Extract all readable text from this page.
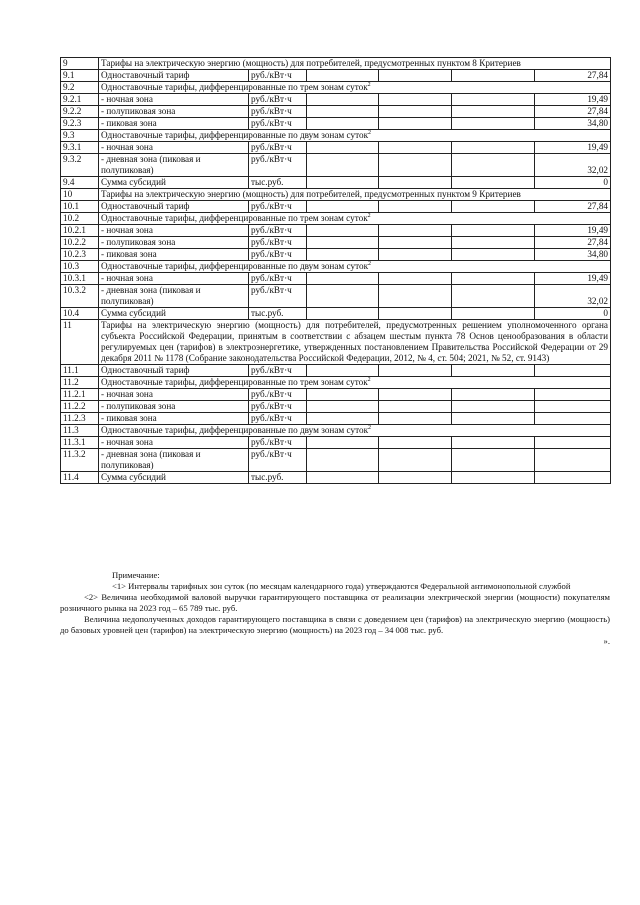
9	Тарифы на электрическую энергию (мощность) для потребителей, предусмотренных пунктом 8 Критериев					
9.1	Одноставочный тариф	руб./кВт·ч				27,84
9.2	Одноставочные тарифы, дифференцированные по трем зонам суток$^2$
9.2.1	- ночная зона	руб./кВт·ч				19,49
9.2.2	- полупиковая зона	руб./кВт·ч				27,84
9.2.3	- пиковая зона	руб./кВт·ч				34,80
9.3	Одноставочные тарифы, дифференцированные по двум зонам суток$^2$
9.3.1	- ночная зона	руб./кВт·ч				19,49
9.3.2	- дневная зона (пиковая и полупиковая)	руб./кВт·ч				32,02
9.4	Сумма субсидий	тыс.руб.				0
10	Тарифы на электрическую энергию (мощность) для потребителей, предусмотренных пунктом 9 Критериев					
10.1	Одноставочный тариф	руб./кВт·ч				27,84
10.2	Одноставочные тарифы, дифференцированные по трем зонам суток$^2$
10.2.1	- ночная зона	руб./кВт·ч				19,49
10.2.2	- полупиковая зона	руб./кВт·ч				27,84
10.2.3	- пиковая зона	руб./кВт·ч				34,80
10.3	Одноставочные тарифы, дифференцированные по двум зонам суток$^2$
10.3.1	- ночная зона	руб./кВт·ч				19,49
10.3.2	- дневная зона (пиковая и полупиковая)	руб./кВт·ч				32,02
10.4	Сумма субсидий	тыс.руб.				0
11	Тарифы на электрическую энергию (мощность) для потребителей, предусмотренных решением уполномоченного органа субъекта Российской Федерации, принятым в соответствии с абзацем шестым пункта 78 Основ ценообразования в области регулируемых цен (тарифов) в электроэнергетике, утвержденных постановлением Правительства Российской Федерации от 29 декабря 2011 № 1178 (Собрание законодательства Российской Федерации, 2012, № 4, ст. 504; 2021, № 52, ст. 9143)					
11.1	Одноставочный тариф	руб./кВт·ч				
11.2	Одноставочные тарифы, дифференцированные по трем зонам суток$^2$
11.2.1	- ночная зона	руб./кВт·ч				
11.2.2	- полупиковая зона	руб./кВт·ч				
11.2.3	- пиковая зона	руб./кВт·ч				
11.3	Одноставочные тарифы, дифференцированные по двум зонам суток$^2$
11.3.1	- ночная зона	руб./кВт·ч				
11.3.2	- дневная зона (пиковая и полупиковая)	руб./кВт·ч				
11.4	Сумма субсидий	тыс.руб.				

Примечание:

<1> Интервалы тарифных зон суток (по месяцам календарного года) утверждаются Федеральной антимонопольной службой

<2> Величина необходимой валовой выручки гарантирующего поставщика от реализации электрической энергии (мощности) покупателям розничного рынка на 2023 год – 65 789 тыс. руб.

Величина недополученных доходов гарантирующего поставщика в связи с доведением цен (тарифов) на электрическую энергию (мощность) до базовых уровней цен (тарифов) на электрическую энергию (мощность) на 2023 год – 34 008 тыс. руб.

».
